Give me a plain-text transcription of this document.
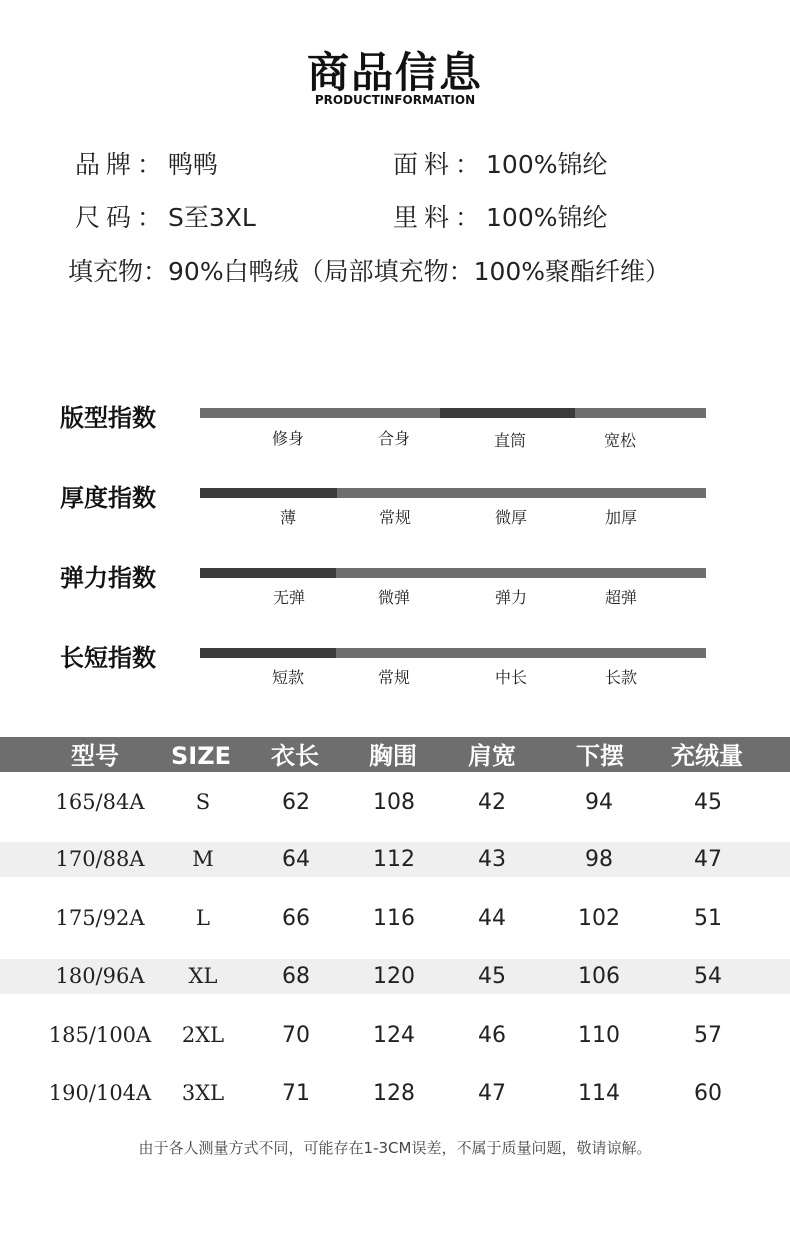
商品信息
PRODUCTINFORMATION
品牌：鸭鸭	面料：100%锦纶
尺码：S至3XL	里料：100%锦纶
填充物：90%白鸭绒（局部填充物：100%聚酯纤维）
版型指数
修身	合身	直筒	宽松
厚度指数
薄	常规	微厚	加厚
弹力指数
无弹	微弹	弹力	超弹
长短指数
短款	常规	中长	长款
型号	SIZE	衣长	胸围	肩宽	下摆	充绒量
165/84A	S	62	108	42	94	45
170/88A	M	64	112	43	98	47
175/92A	L	66	116	44	102	51
180/96A	XL	68	120	45	106	54
185/100A	2XL	70	124	46	110	57
190/104A	3XL	71	128	47	114	60
由于各人测量方式不同，可能存在1-3CM误差，不属于质量问题，敬请谅解。
